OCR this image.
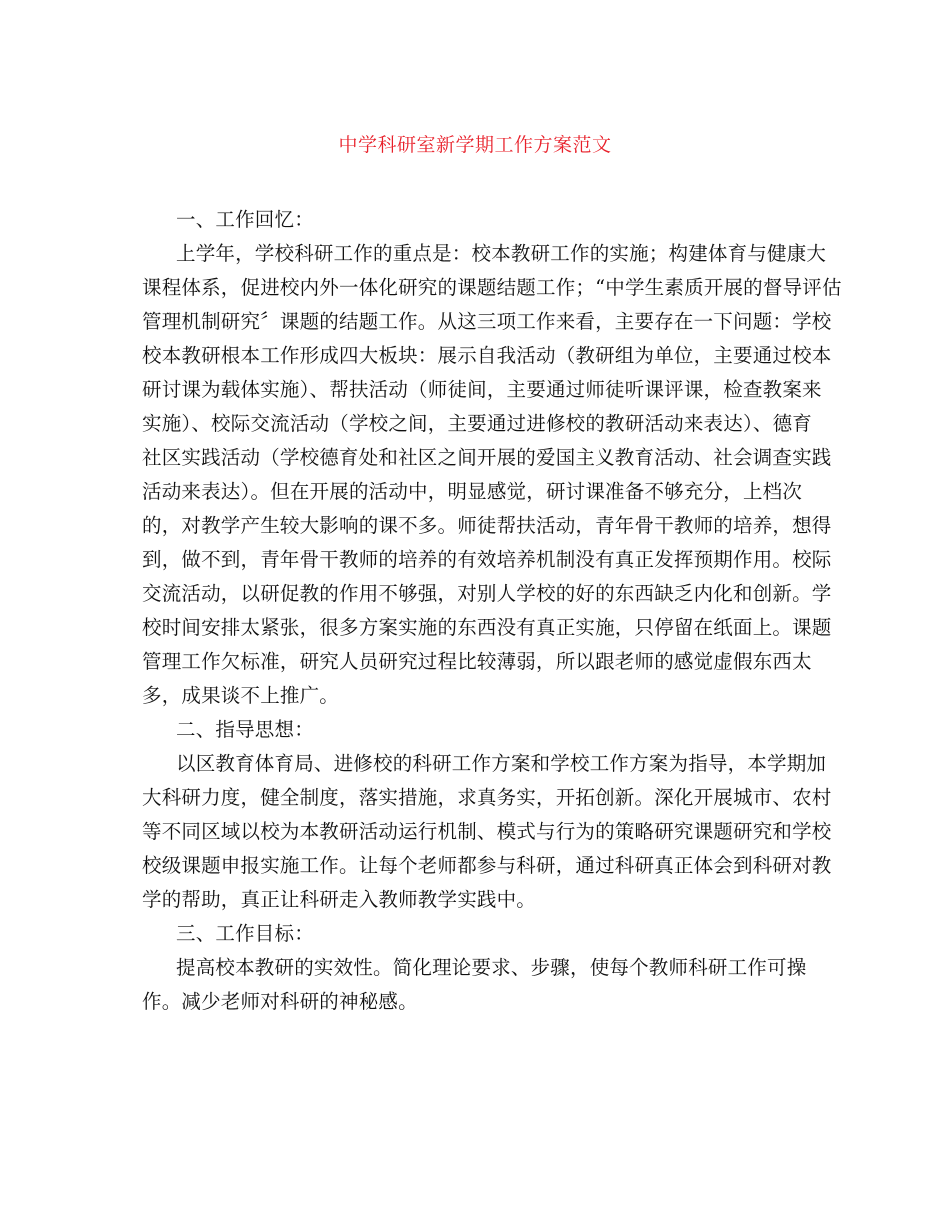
中学科研室新学期工作方案范文
一、工作回忆：
上学年，学校科研工作的重点是：校本教研工作的实施；构建体育与健康大
课程体系，促进校内外一体化研究的课题结题工作；“中学生素质开展的督导评估
管理机制研究〞课题的结题工作。从这三项工作来看，主要存在一下问题：学校
校本教研根本工作形成四大板块：展示自我活动（教研组为单位，主要通过校本
研讨课为载体实施）、帮扶活动（师徒间，主要通过师徒听课评课，检查教案来
实施）、校际交流活动（学校之间，主要通过进修校的教研活动来表达）、德育
社区实践活动（学校德育处和社区之间开展的爱国主义教育活动、社会调查实践
活动来表达）。但在开展的活动中，明显感觉，研讨课准备不够充分，上档次
的，对教学产生较大影响的课不多。师徒帮扶活动，青年骨干教师的培养，想得
到，做不到，青年骨干教师的培养的有效培养机制没有真正发挥预期作用。校际
交流活动，以研促教的作用不够强，对别人学校的好的东西缺乏内化和创新。学
校时间安排太紧张，很多方案实施的东西没有真正实施，只停留在纸面上。课题
管理工作欠标准，研究人员研究过程比较薄弱，所以跟老师的感觉虚假东西太
多，成果谈不上推广。
二、指导思想：
以区教育体育局、进修校的科研工作方案和学校工作方案为指导，本学期加
大科研力度，健全制度，落实措施，求真务实，开拓创新。深化开展城市、农村
等不同区域以校为本教研活动运行机制、模式与行为的策略研究课题研究和学校
校级课题申报实施工作。让每个老师都参与科研，通过科研真正体会到科研对教
学的帮助，真正让科研走入教师教学实践中。
三、工作目标：
提高校本教研的实效性。简化理论要求、步骤，使每个教师科研工作可操
作。减少老师对科研的神秘感。
